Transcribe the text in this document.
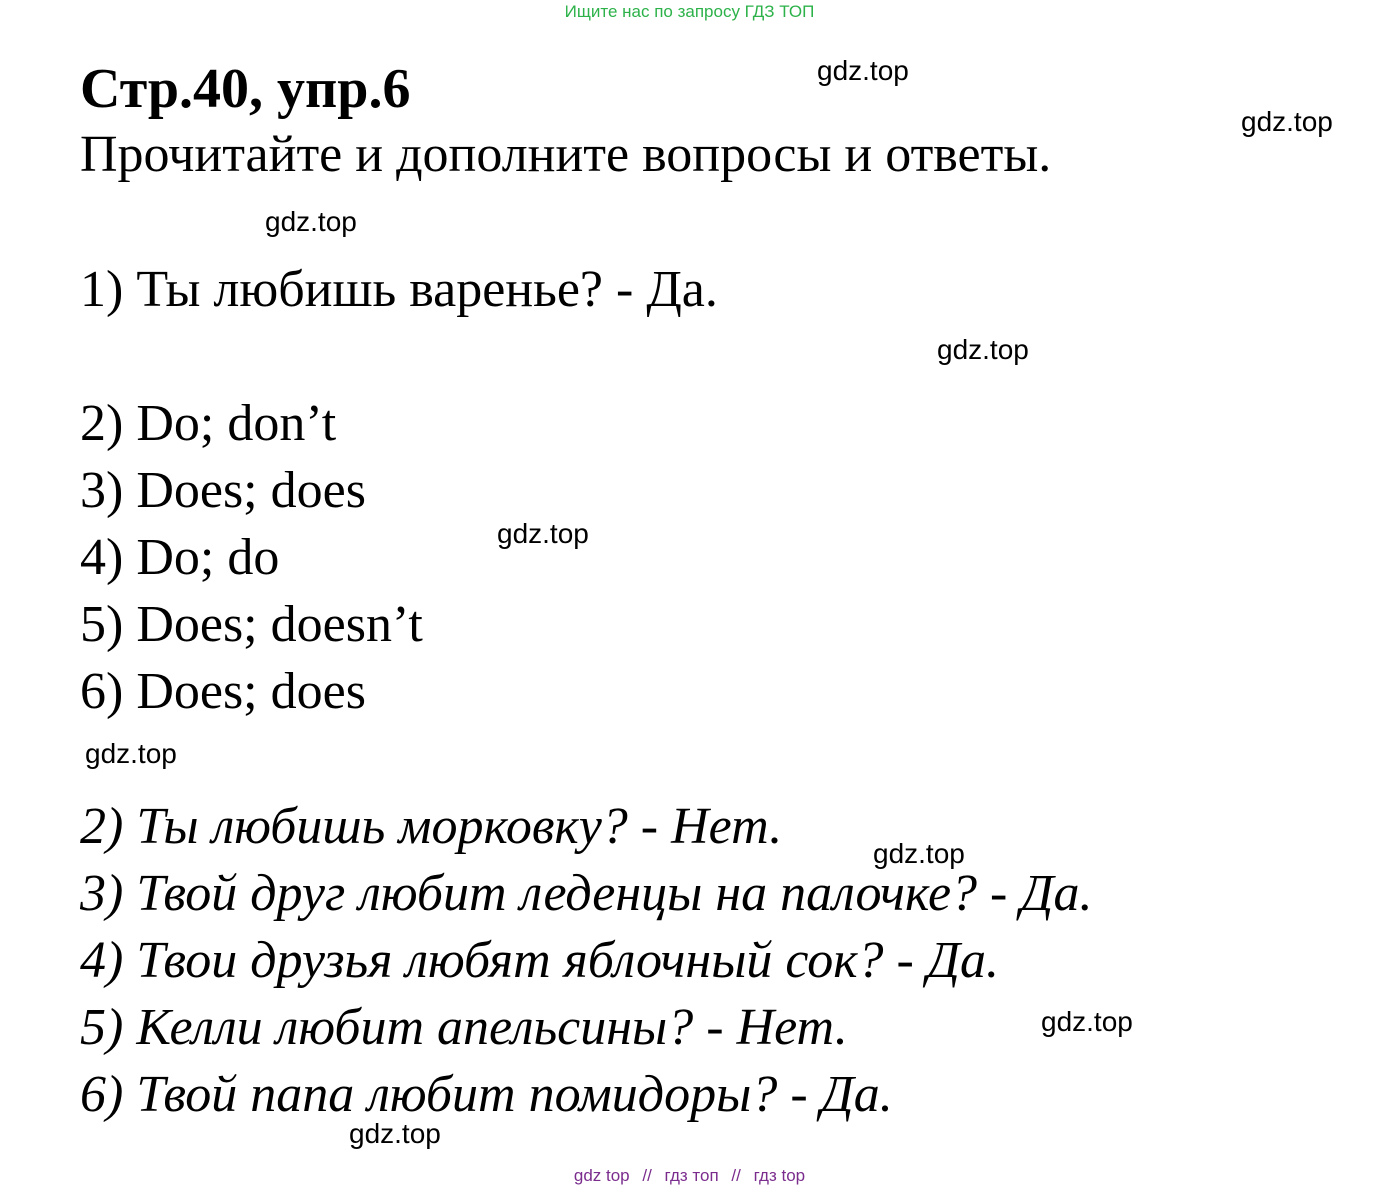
Ищите нас по запросу ГДЗ ТОП
Стр.40, упр.6
Прочитайте и дополните вопросы и ответы.
1) Ты любишь варенье? - Да.
2) Do; don’t
3) Does; does
4) Do; do
5) Does; doesn’t
6) Does; does
2) Ты любишь морковку? - Нет.
3) Твой друг любит леденцы на палочке? - Да.
4) Твои друзья любят яблочный сок? - Да.
5) Келли любит апельсины? - Нет.
6) Твой папа любит помидоры? - Да.
gdz.top
gdz.top
gdz.top
gdz.top
gdz.top
gdz.top
gdz.top
gdz.top
gdz.top
gdz top // гдз топ // гдз top
